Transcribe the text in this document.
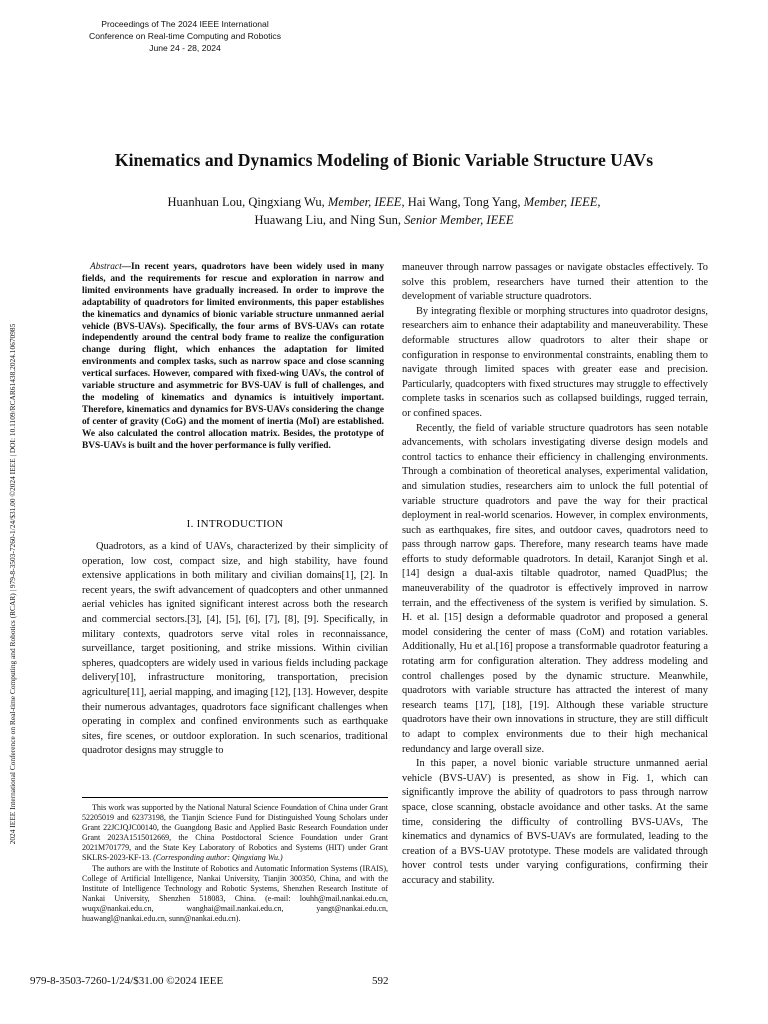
Proceedings of The 2024 IEEE International
Conference on Real-time Computing and Robotics
June 24 - 28, 2024
2024 IEEE International Conference on Real-time Computing and Robotics (RCAR) | 979-8-3503-7260-1/24/$31.00 ©2024 IEEE | DOI: 10.1109/RCAR61438.2024.10670985
Kinematics and Dynamics Modeling of Bionic Variable Structure UAVs
Huanhuan Lou, Qingxiang Wu, Member, IEEE, Hai Wang, Tong Yang, Member, IEEE,
Huawang Liu, and Ning Sun, Senior Member, IEEE

Abstract—In recent years, quadrotors have been widely used in many fields, and the requirements for rescue and exploration in narrow and limited environments have gradually increased. In order to improve the adaptability of quadrotors for limited environments, this paper establishes the kinematics and dynamics of bionic variable structure unmanned aerial vehicle (BVS-UAVs). Specifically, the four arms of BVS-UAVs can rotate independently around the central body frame to realize the configuration change during flight, which enhances the adaptation for limited environments and complex tasks, such as narrow space and close scanning vertical surfaces. However, compared with fixed-wing UAVs, the control of variable structure and asymmetric for BVS-UAV is full of challenges, and the modeling of kinematics and dynamics is intuitively important. Therefore, kinematics and dynamics for BVS-UAVs considering the change of center of gravity (CoG) and the moment of inertia (MoI) are established. We also calculated the control allocation matrix. Besides, the prototype of BVS-UAVs is built and the hover performance is fully verified.

I. INTRODUCTION

Quadrotors, as a kind of UAVs, characterized by their simplicity of operation, low cost, compact size, and high stability, have found extensive applications in both military and civilian domains[1], [2]. In recent years, the swift advancement of quadcopters and other unmanned aerial vehicles has ignited significant interest across both the research and commercial sectors.[3], [4], [5], [6], [7], [8], [9]. Specifically, in military contexts, quadrotors serve vital roles in reconnaissance, surveillance, target positioning, and strike missions. Within civilian spheres, quadcopters are widely used in various fields including package delivery[10], infrastructure monitoring, transportation, precision agriculture[11], aerial mapping, and imaging [12], [13]. However, despite their numerous advantages, quadrotors face significant challenges when operating in complex and confined environments such as earthquake sites, fire scenes, or outdoor exploration. In such scenarios, traditional quadrotor designs may struggle to

This work was supported by the National Natural Science Foundation of China under Grant 52205019 and 62373198, the Tianjin Science Fund for Distinguished Young Scholars under Grant 22JCJQJC00140, the Guangdong Basic and Applied Basic Research Foundation under Grant 2023A1515012669, the China Postdoctoral Science Foundation under Grant 2021M701779, and the State Key Laboratory of Robotics and Systems (HIT) under Grant SKLRS-2023-KF-13. (Corresponding author: Qingxiang Wu.)

The authors are with the Institute of Robotics and Automatic Information Systems (IRAIS), College of Artificial Intelligence, Nankai University, Tianjin 300350, China, and with the Institute of Intelligence Technology and Robotic Systems, Shenzhen Research Institute of Nankai University, Shenzhen 518083, China. (e-mail: louhh@mail.nankai.edu.cn, wuqx@nankai.edu.cn, wanghai@mail.nankai.edu.cn, yangt@nankai.edu.cn, huawangl@nankai.edu.cn, sunn@nankai.edu.cn).

maneuver through narrow passages or navigate obstacles effectively. To solve this problem, researchers have turned their attention to the development of variable structure quadrotors.

By integrating flexible or morphing structures into quadrotor designs, researchers aim to enhance their adaptability and maneuverability. These deformable structures allow quadrotors to alter their shape or configuration in response to environmental constraints, enabling them to navigate through limited spaces with greater ease and precision. Particularly, quadcopters with fixed structures may struggle to effectively complete tasks in scenarios such as collapsed buildings, rugged terrain, or confined spaces.

Recently, the field of variable structure quadrotors has seen notable advancements, with scholars investigating diverse design models and control tactics to enhance their efficiency in challenging environments. Through a combination of theoretical analyses, experimental validation, and simulation studies, researchers aim to unlock the full potential of variable structure quadrotors and pave the way for their practical deployment in real-world scenarios. However, in complex environments, such as earthquakes, fire sites, and outdoor caves, quadrotors need to pass through narrow gaps. Therefore, many research teams have made efforts to study deformable quadrotors. In detail, Karanjot Singh et al. [14] design a dual-axis tiltable quadrotor, named QuadPlus; the maneuverability of the quadrotor is effectively improved in narrow terrain, and the effectiveness of the system is verified by simulation. S. H. et al. [15] design a deformable quadrotor and proposed a general model considering the center of mass (CoM) and rotation variables. Additionally, Hu et al.[16] propose a transformable quadrotor featuring a rotating arm for configuration alteration. They address modeling and control challenges posed by the dynamic structure. Meanwhile, quadrotors with variable structure has attracted the interest of many research teams [17], [18], [19]. Although these variable structure quadrotors have their own innovations in structure, they are still difficult to adapt to complex environments due to their high mechanical redundancy and large overall size.

In this paper, a novel bionic variable structure unmanned aerial vehicle (BVS-UAV) is presented, as show in Fig. 1, which can significantly improve the ability of quadrotors to pass through narrow space, close scanning, obstacle avoidance and other tasks. At the same time, considering the difficulty of controlling BVS-UAVs, The kinematics and dynamics of BVS-UAVs are formulated, leading to the creation of a BVS-UAV prototype. These models are validated through hover control tests under varying configurations, confirming their accuracy and stability.

979-8-3503-7260-1/24/$31.00 ©2024 IEEE	592
